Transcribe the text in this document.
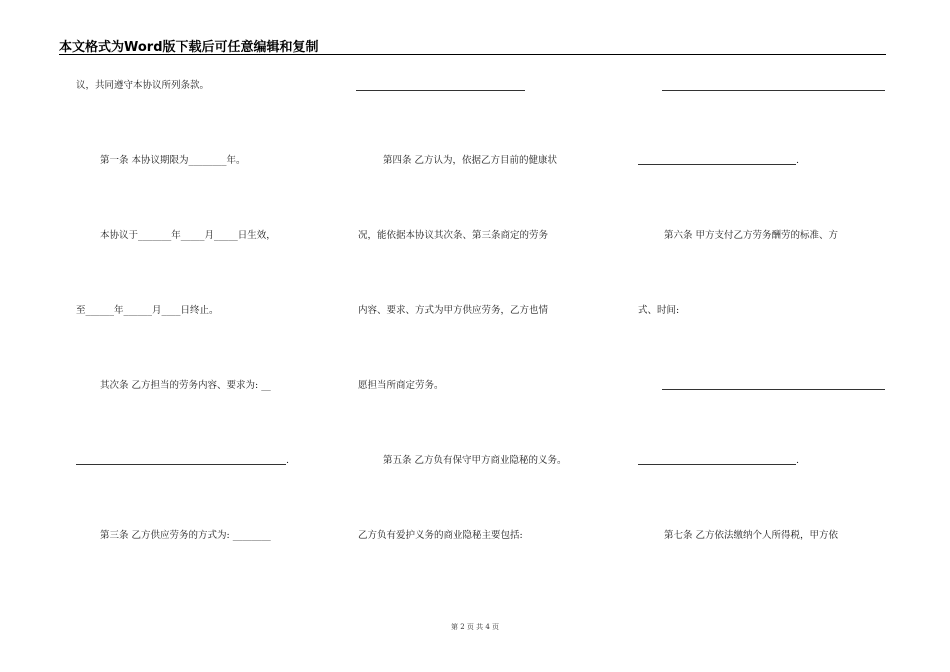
本文格式为Word版下载后可任意编辑和复制
议，共同遵守本协议所列条款。
第一条 本协议期限为________年。
本协议于_______年_____月_____日生效，
至______年______月____日终止。
其次条 乙方担当的劳务内容、要求为: __
.
第三条 乙方供应劳务的方式为: ________
第四条 乙方认为，依据乙方目前的健康状
况，能依据本协议其次条、第三条商定的劳务
内容、要求、方式为甲方供应劳务，乙方也情
愿担当所商定劳务。
第五条 乙方负有保守甲方商业隐秘的义务。
乙方负有爱护义务的商业隐秘主要包括:
.
第六条 甲方支付乙方劳务酬劳的标准、方
式、时间:
.
第七条 乙方依法缴纳个人所得税，甲方依
第 2 页 共 4 页
